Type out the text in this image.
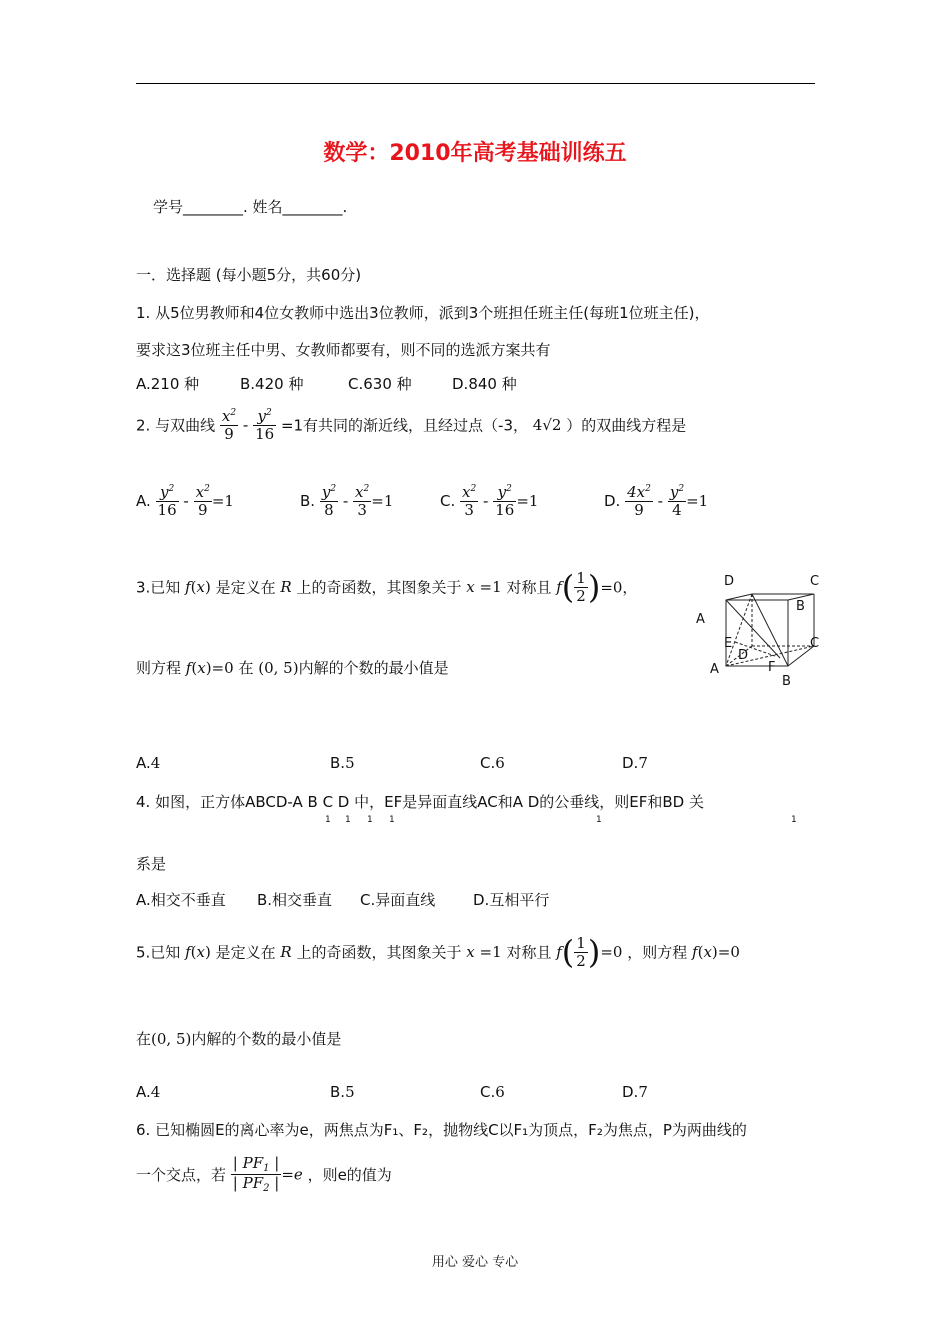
数学：2010年高考基础训练五
学号________. 姓名________.
一．选择题 (每小题5分，共60分)
1. 从5位男教师和4位女教师中选出3位教师，派到3个班担任班主任(每班1位班主任)，
要求这3位班主任中男、女教师都要有，则不同的选派方案共有
A.210 种	B.420 种	C.630 种	D.840 种
2. 与双曲线 $\frac{x^2}{9} - \frac{y^2}{16} =1$有共同的渐近线，且经过点（-3， 4√2 ）的双曲线方程是
A. $\frac{y^2}{16} - \frac{x^2}{9} =1$	B. $\frac{y^2}{8} - \frac{x^2}{3} =1$	C. $\frac{x^2}{3} - \frac{y^2}{16} =1$	D. $\frac{4x^2}{9} - \frac{y^2}{4} =1$
3.已知 f(x) 是定义在 R 上的奇函数，其图象关于 x =1 对称且 $f( \frac{1}{2} )=0$，
则方程 f(x)=0 在 (0, 5)内解的个数的最小值是
A.4	B.5	C.6	D.7
D	C
A
B
E
D
C
A	F
B
4. 如图，正方体ABCD-A B C D 中，EF是异面直线AC和A D的公垂线，则EF和BD 关
1 1 1 1	1	1
系是
A.相交不垂直 B.相交垂直 C.异面直线	D.互相平行
5.已知 f(x) 是定义在 R 上的奇函数，其图象关于 x =1 对称且 $f( \frac{1}{2} )=0$ ，则方程 f(x)=0
在(0, 5)内解的个数的最小值是
A.4	B.5	C.6	D.7
6. 已知椭圆E的离心率为e，两焦点为F₁、F₂，抛物线C以F₁为顶点，F₂为焦点，P为两曲线的
一个交点，若 $\frac{| PF_1 |}{| PF_2 |} =e$ ，则e的值为
用心 爱心 专心
